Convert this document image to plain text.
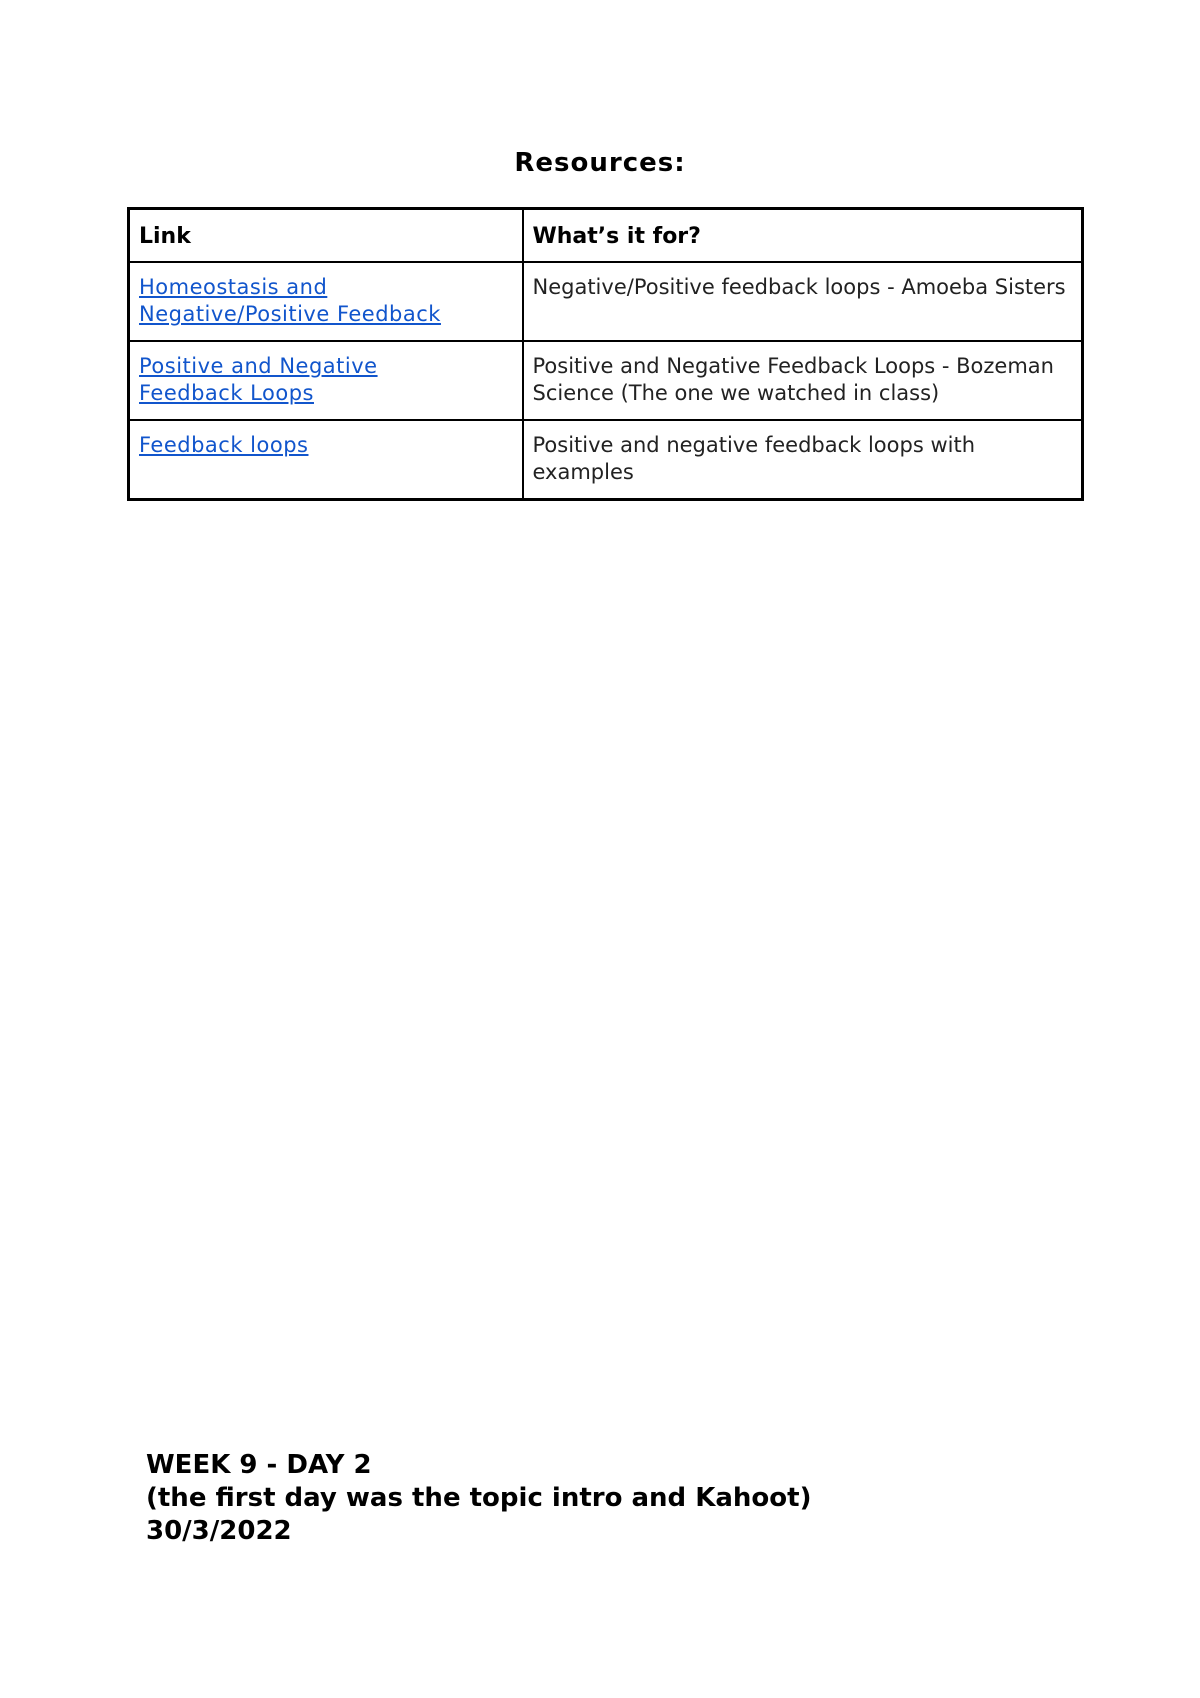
Resources:
Link	What’s it for?
Homeostasis and
Negative/Positive Feedback	Negative/Positive feedback loops - Amoeba Sisters
Positive and Negative
Feedback Loops	Positive and Negative Feedback Loops - Bozeman Science (The one we watched in class)
Feedback loops	Positive and negative feedback loops with examples
WEEK 9 - DAY 2
(the first day was the topic intro and Kahoot)
30/3/2022
